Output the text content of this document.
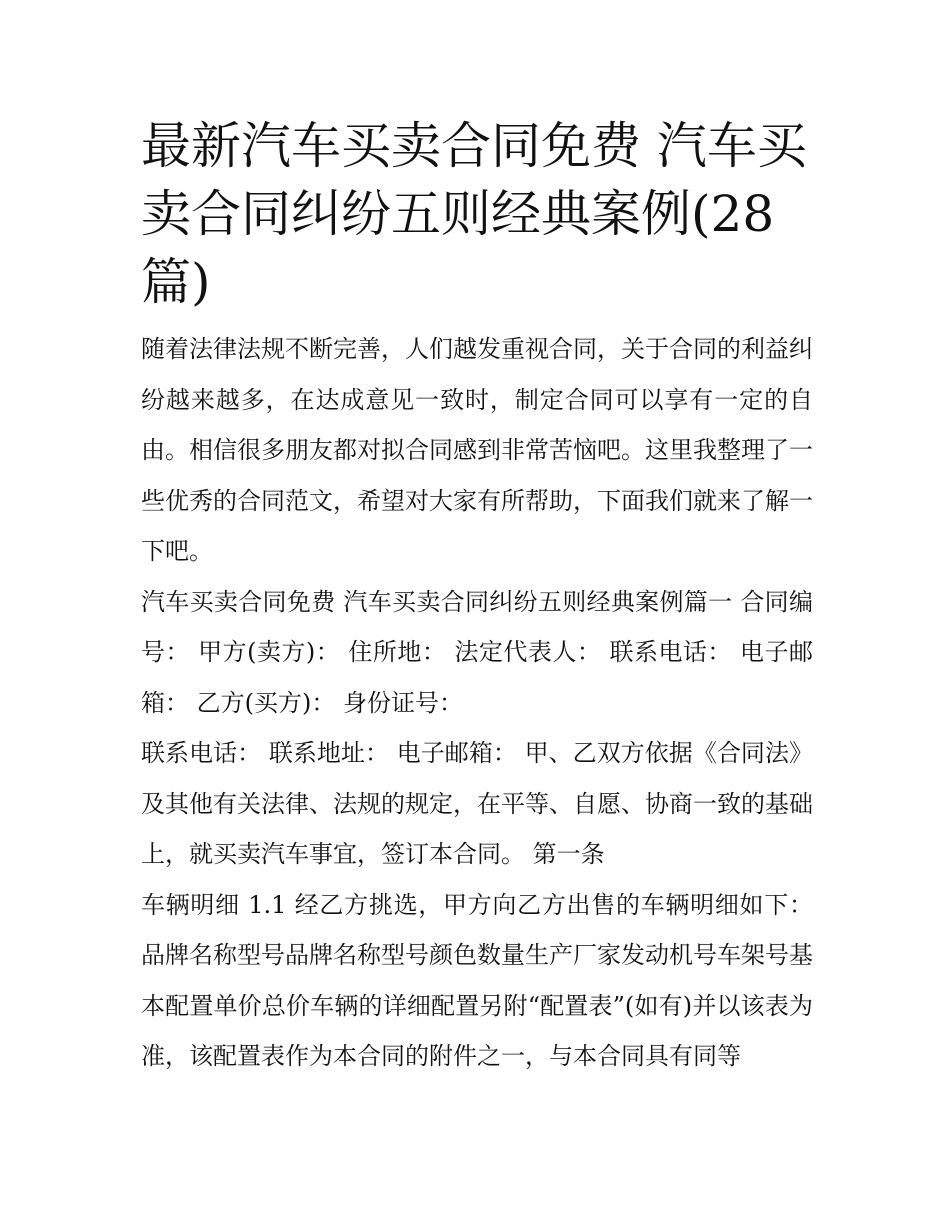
最新汽车买卖合同免费 汽车买卖合同纠纷五则经典案例(28篇)

随着法律法规不断完善，人们越发重视合同，关于合同的利益纠纷越来越多，在达成意见一致时，制定合同可以享有一定的自由。相信很多朋友都对拟合同感到非常苦恼吧。这里我整理了一些优秀的合同范文，希望对大家有所帮助，下面我们就来了解一下吧。

汽车买卖合同免费 汽车买卖合同纠纷五则经典案例篇一 合同编号： 甲方(卖方)： 住所地： 法定代表人： 联系电话： 电子邮箱： 乙方(买方)： 身份证号：

联系电话： 联系地址： 电子邮箱： 甲、乙双方依据《合同法》及其他有关法律、法规的规定，在平等、自愿、协商一致的基础上，就买卖汽车事宜，签订本合同。 第一条

车辆明细 1.1 经乙方挑选，甲方向乙方出售的车辆明细如下：品牌名称型号品牌名称型号颜色数量生产厂家发动机号车架号基本配置单价总价车辆的详细配置另附“配置表”(如有)并以该表为准，该配置表作为本合同的附件之一，与本合同具有同等
